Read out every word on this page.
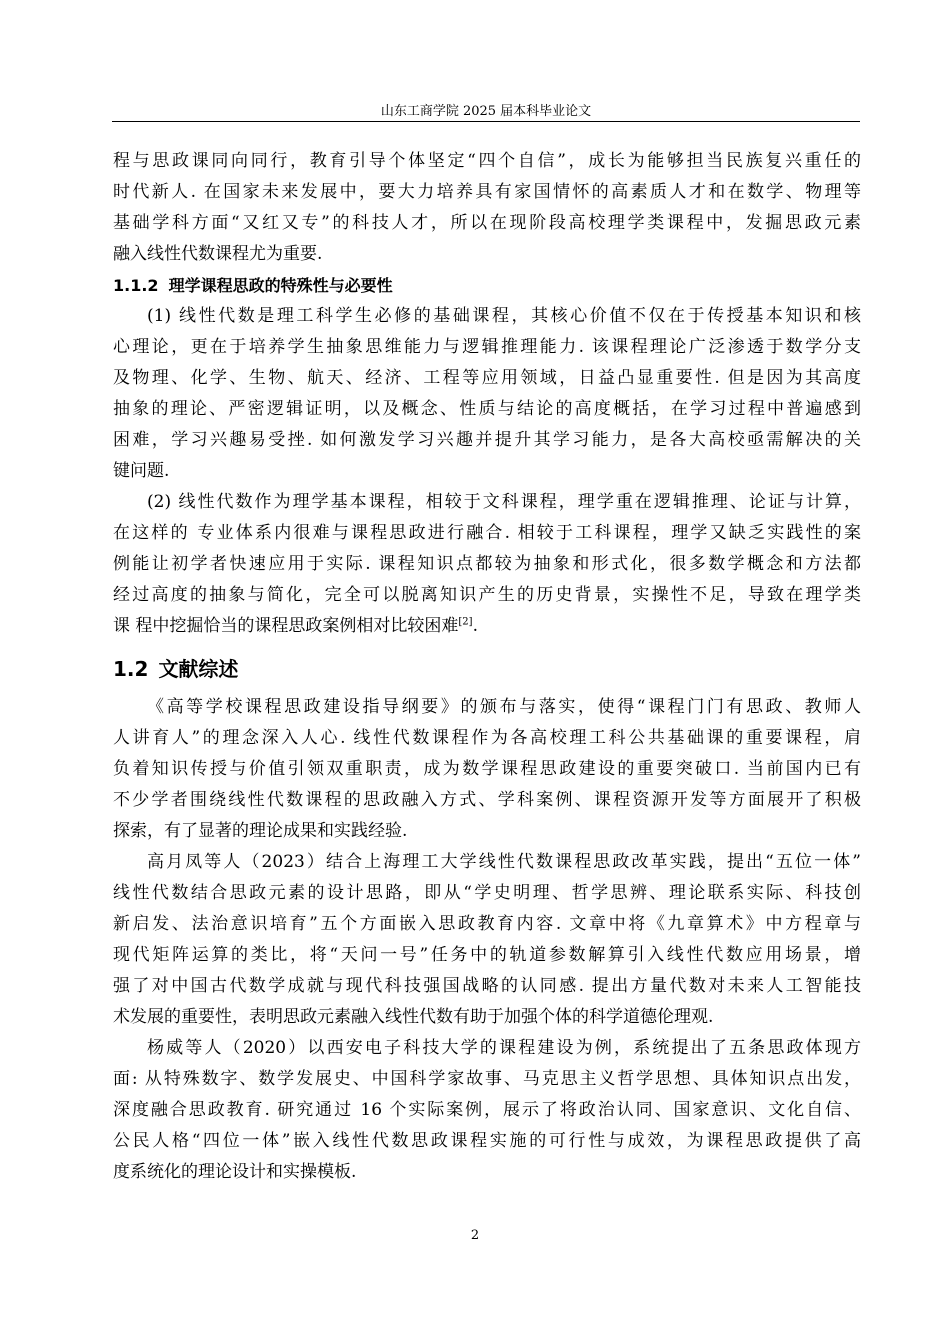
山东工商学院 2025 届本科毕业论文
程与思政课同向同行，教育引导个体坚定“四个自信”，成长为能够担当民族复兴重任的
时代新人. 在国家未来发展中，要大力培养具有家国情怀的高素质人才和在数学、物理等
基础学科方面“又红又专”的科技人才，所以在现阶段高校理学类课程中，发掘思政元素
融入线性代数课程尤为重要.
1.1.2 理学课程思政的特殊性与必要性
(1) 线性代数是理工科学生必修的基础课程，其核心价值不仅在于传授基本知识和核
心理论，更在于培养学生抽象思维能力与逻辑推理能力. 该课程理论广泛渗透于数学分支
及物理、化学、生物、航天、经济、工程等应用领域，日益凸显重要性. 但是因为其高度
抽象的理论、严密逻辑证明，以及概念、性质与结论的高度概括，在学习过程中普遍感到
困难，学习兴趣易受挫. 如何激发学习兴趣并提升其学习能力，是各大高校亟需解决的关
键问题.
(2) 线性代数作为理学基本课程，相较于文科课程，理学重在逻辑推理、论证与计算，
在这样的 专业体系内很难与课程思政进行融合. 相较于工科课程，理学又缺乏实践性的案
例能让初学者快速应用于实际. 课程知识点都较为抽象和形式化，很多数学概念和方法都
经过高度的抽象与简化，完全可以脱离知识产生的历史背景，实操性不足，导致在理学类
课 程中挖掘恰当的课程思政案例相对比较困难[2].
1.2 文献综述
《高等学校课程思政建设指导纲要》的颁布与落实，使得“课程门门有思政、教师人
人讲育人”的理念深入人心. 线性代数课程作为各高校理工科公共基础课的重要课程，肩
负着知识传授与价值引领双重职责，成为数学课程思政建设的重要突破口. 当前国内已有
不少学者围绕线性代数课程的思政融入方式、学科案例、课程资源开发等方面展开了积极
探索，有了显著的理论成果和实践经验.
高月凤等人（2023）结合上海理工大学线性代数课程思政改革实践，提出“五位一体”
线性代数结合思政元素的设计思路，即从“学史明理、哲学思辨、理论联系实际、科技创
新启发、法治意识培育”五个方面嵌入思政教育内容. 文章中将《九章算术》中方程章与
现代矩阵运算的类比，将“天问一号”任务中的轨道参数解算引入线性代数应用场景，增
强了对中国古代数学成就与现代科技强国战略的认同感. 提出方量代数对未来人工智能技
术发展的重要性，表明思政元素融入线性代数有助于加强个体的科学道德伦理观.
杨威等人（2020）以西安电子科技大学的课程建设为例，系统提出了五条思政体现方
面: 从特殊数字、数学发展史、中国科学家故事、马克思主义哲学思想、具体知识点出发，
深度融合思政教育. 研究通过 16 个实际案例，展示了将政治认同、国家意识、文化自信、
公民人格“四位一体”嵌入线性代数思政课程实施的可行性与成效，为课程思政提供了高
度系统化的理论设计和实操模板.
2
